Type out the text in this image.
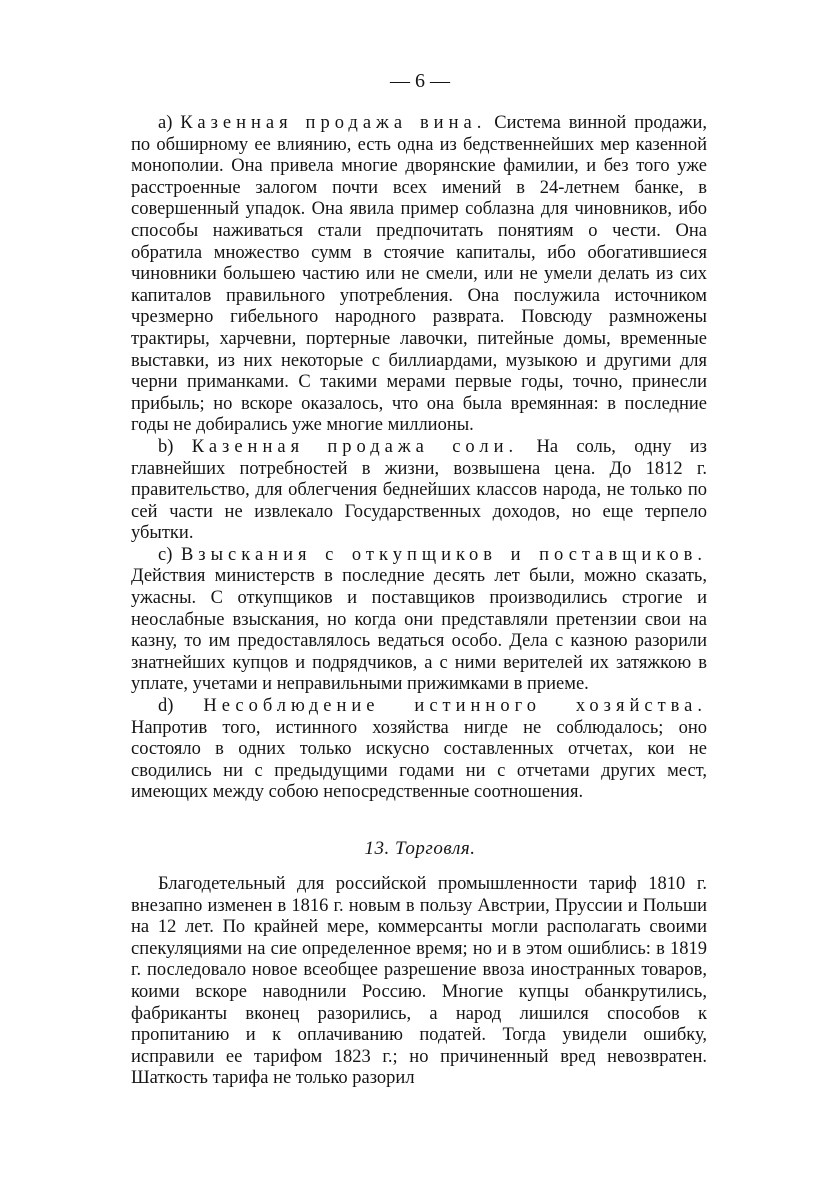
— 6 —

a) Казенная продажа вина. Система винной продажи, по обширному ее влиянию, есть одна из бедственнейших мер казенной монополии. Она привела многие дворянские фамилии, и без того уже расстроенные залогом почти всех имений в 24-летнем банке, в совершенный упадок. Она явила пример соблазна для чиновников, ибо способы наживаться стали предпочитать понятиям о чести. Она обратила множество сумм в стоячие капиталы, ибо обогатившиеся чиновники большею частию или не смели, или не умели делать из сих капиталов правильного употребления. Она послужила источником чрезмерно гибельного народного разврата. Повсюду размножены трактиры, харчевни, портерные лавочки, питейные домы, временные выставки, из них некоторые с биллиардами, музыкою и другими для черни приманками. С такими мерами первые годы, точно, принесли прибыль; но вскоре оказалось, что она была времянная: в последние годы не добирались уже многие миллионы.

b) Казенная продажа соли. На соль, одну из главнейших потребностей в жизни, возвышена цена. До 1812 г. правительство, для облегчения беднейших классов народа, не только по сей части не извлекало Государственных доходов, но еще терпело убытки.

c) Взыскания с откупщиков и поставщиков. Действия министерств в последние десять лет были, можно сказать, ужасны. С откупщиков и поставщиков производились строгие и неослабные взыскания, но когда они представляли претензии свои на казну, то им предоставлялось ведаться особо. Дела с казною разорили знатнейших купцов и подрядчиков, а с ними верителей их затяжкою в уплате, учетами и неправильными прижимками в приеме.

d) Несоблюдение истинного хозяйства. Напротив того, истинного хозяйства нигде не соблюдалось; оно состояло в одних только искусно составленных отчетах, кои не сводились ни с предыдущими годами ни с отчетами других мест, имеющих между собою непосредственные соотношения.

13. Торговля.

Благодетельный для российской промышленности тариф 1810 г. внезапно изменен в 1816 г. новым в пользу Австрии, Пруссии и Польши на 12 лет. По крайней мере, коммерсанты могли располагать своими спекуляциями на сие определенное время; но и в этом ошиблись: в 1819 г. последовало новое всеобщее разрешение ввоза иностранных товаров, коими вскоре наводнили Россию. Многие купцы обанкрутились, фабриканты вконец разорились, а народ лишился способов к пропитанию и к оплачиванию податей. Тогда увидели ошибку, исправили ее тарифом 1823 г.; но причиненный вред невозвратен. Шаткость тарифа не только разорил
